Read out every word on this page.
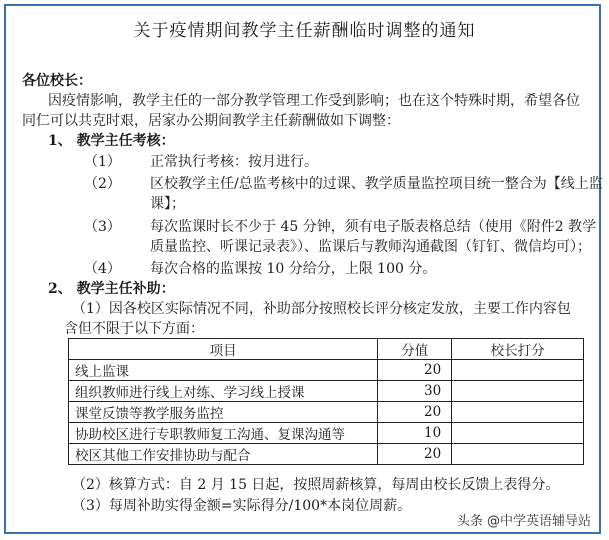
关于疫情期间教学主任薪酬临时调整的通知
各位校长：
因疫情影响，教学主任的一部分教学管理工作受到影响；也在这个特殊时期，希望各位
同仁可以共克时艰，居家办公期间教学主任薪酬做如下调整：
1、 教学主任考核：
（1） 正常执行考核：按月进行。
（2） 区校教学主任/总监考核中的过课、教学质量监控项目统一整合为【线上监
课】；
（3） 每次监课时长不少于 45 分钟，须有电子版表格总结（使用《附件2 教学
质量监控、听课记录表》）、监课后与教师沟通截图（钉钉、微信均可）；
（4） 每次合格的监课按 10 分给分，上限 100 分。
2、 教学主任补助：
（1）因各校区实际情况不同，补助部分按照校长评分核定发放，主要工作内容包
含但不限于以下方面：
项目	分值	校长打分
线上监课	20	
组织教师进行线上对练、学习线上授课	30	
课堂反馈等教学服务监控	20	
协助校区进行专职教师复工沟通、复课沟通等	10	
校区其他工作安排协助与配合	20	
（2）核算方式：自 2 月 15 日起，按照周薪核算，每周由校长反馈上表得分。
（3）每周补助实得金额=实际得分/100*本岗位周薪。
头条 @中学英语辅导站
